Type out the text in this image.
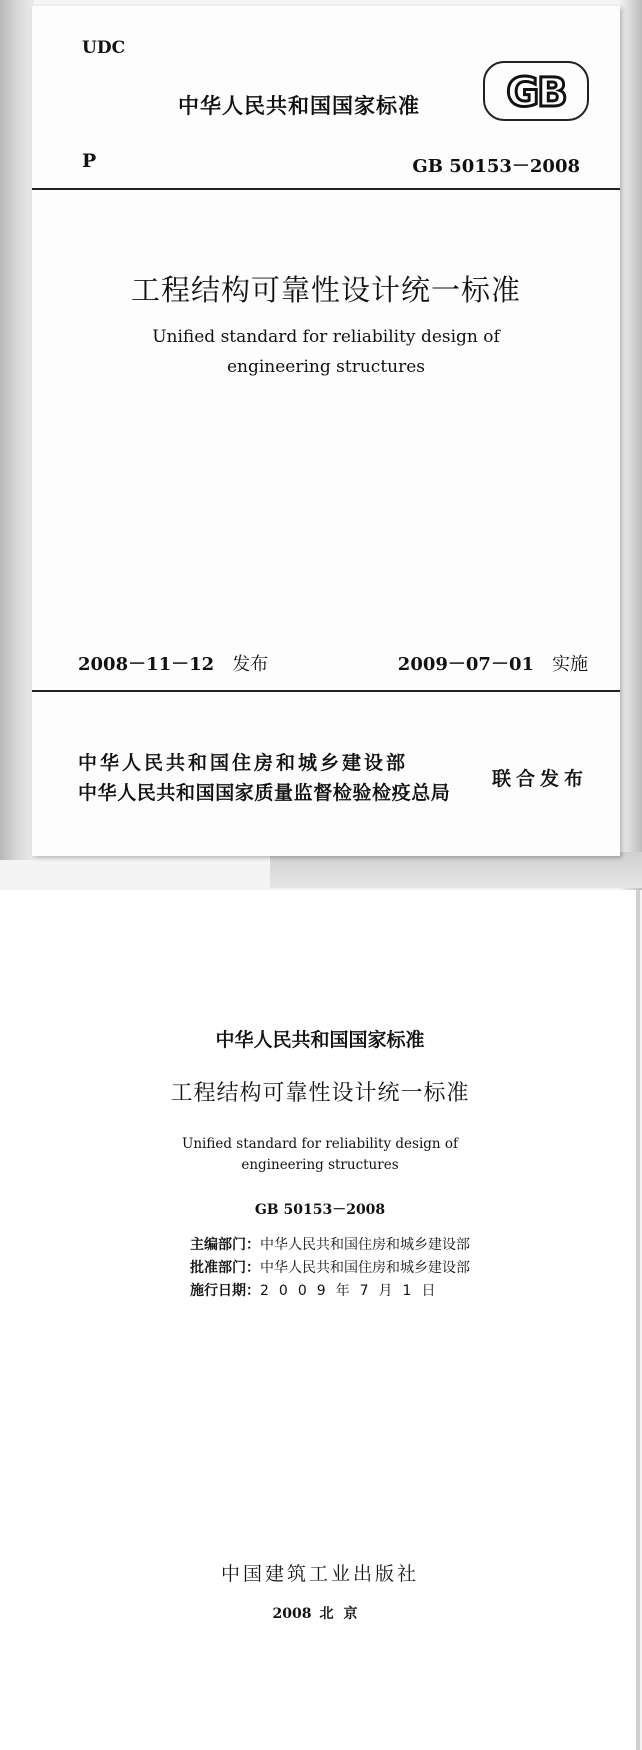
UDC
中华人民共和国国家标准 GB
P	GB 50153－2008
工程结构可靠性设计统一标准
Unified standard for reliability design of
engineering structures
2008－11－12 发布	2009－07－01 实施
中华人民共和国住房和城乡建设部
中华人民共和国国家质量监督检验检疫总局
联合发布
中华人民共和国国家标准
工程结构可靠性设计统一标准
Unified standard for reliability design of
engineering structures
GB 50153－2008
主编部门：中华人民共和国住房和城乡建设部
批准部门：中华人民共和国住房和城乡建设部
施行日期：2009年7月1日
中国建筑工业出版社
2008 北京
